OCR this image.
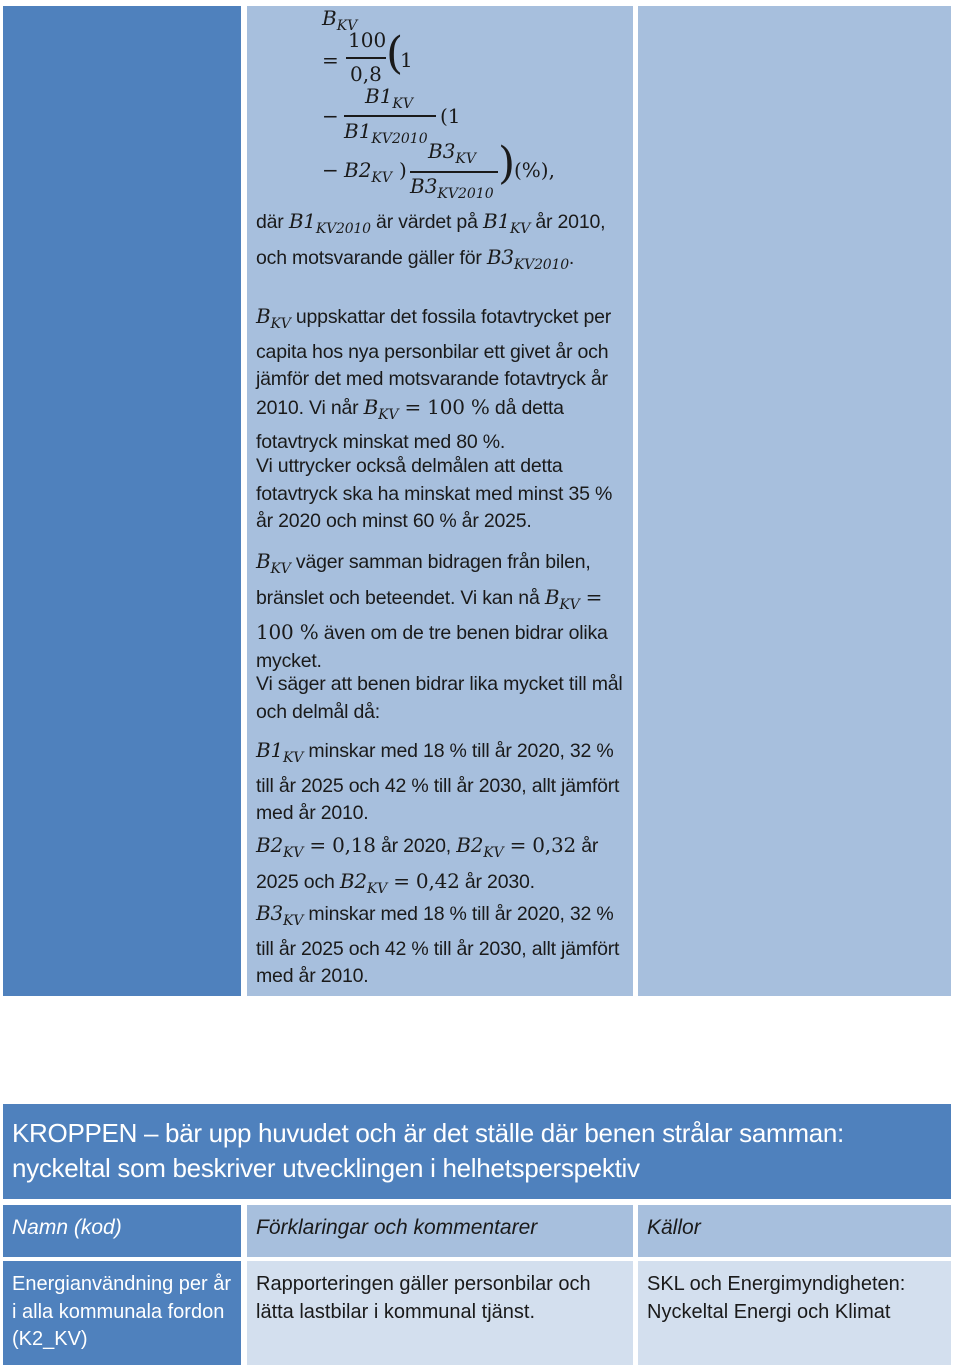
$B_{KV}$
=
100
0,8 (
1
−
$B1_{KV}$
$B1_{KV2010}$
(1
− $B2_{KV}$ )
$B3_{KV}$
$B3_{KV2010}$
)
(%),

där $B1_{KV2010}$ är värdet på $B1_{KV}$ år 2010, och motsvarande gäller för $B3_{KV2010}$.

$B_{KV}$ uppskattar det fossila fotavtrycket per capita hos nya personbilar ett givet år och jämför det med motsvarande fotavtryck år 2010. Vi når $B_{KV} = 100$ % då detta fotavtryck minskat med 80 %.

Vi uttrycker också delmålen att detta fotavtryck ska ha minskat med minst 35 % år 2020 och minst 60 % år 2025.

$B_{KV}$ väger samman bidragen från bilen, bränslet och beteendet. Vi kan nå $B_{KV} = 100$ % även om de tre benen bidrar olika mycket.

Vi säger att benen bidrar lika mycket till mål och delmål då:

$B1_{KV}$ minskar med 18 % till år 2020, 32 % till år 2025 och 42 % till år 2030, allt jämfört med år 2010.

$B2_{KV} = 0,18$ år 2020, $B2_{KV} = 0,32$ år 2025 och $B2_{KV} = 0,42$ år 2030.

$B3_{KV}$ minskar med 18 % till år 2020, 32 % till år 2025 och 42 % till år 2030, allt jämfört med år 2010.

KROPPEN – bär upp huvudet och är det ställe där benen strålar samman: nyckeltal som beskriver utvecklingen i helhetsperspektiv
Namn (kod)	Förklaringar och kommentarer	Källor
Energianvändning per år i alla kommunala fordon (K2_KV)
Rapporteringen gäller personbilar och lätta lastbilar i kommunal tjänst.
SKL och Energimyndigheten: Nyckeltal Energi och Klimat
